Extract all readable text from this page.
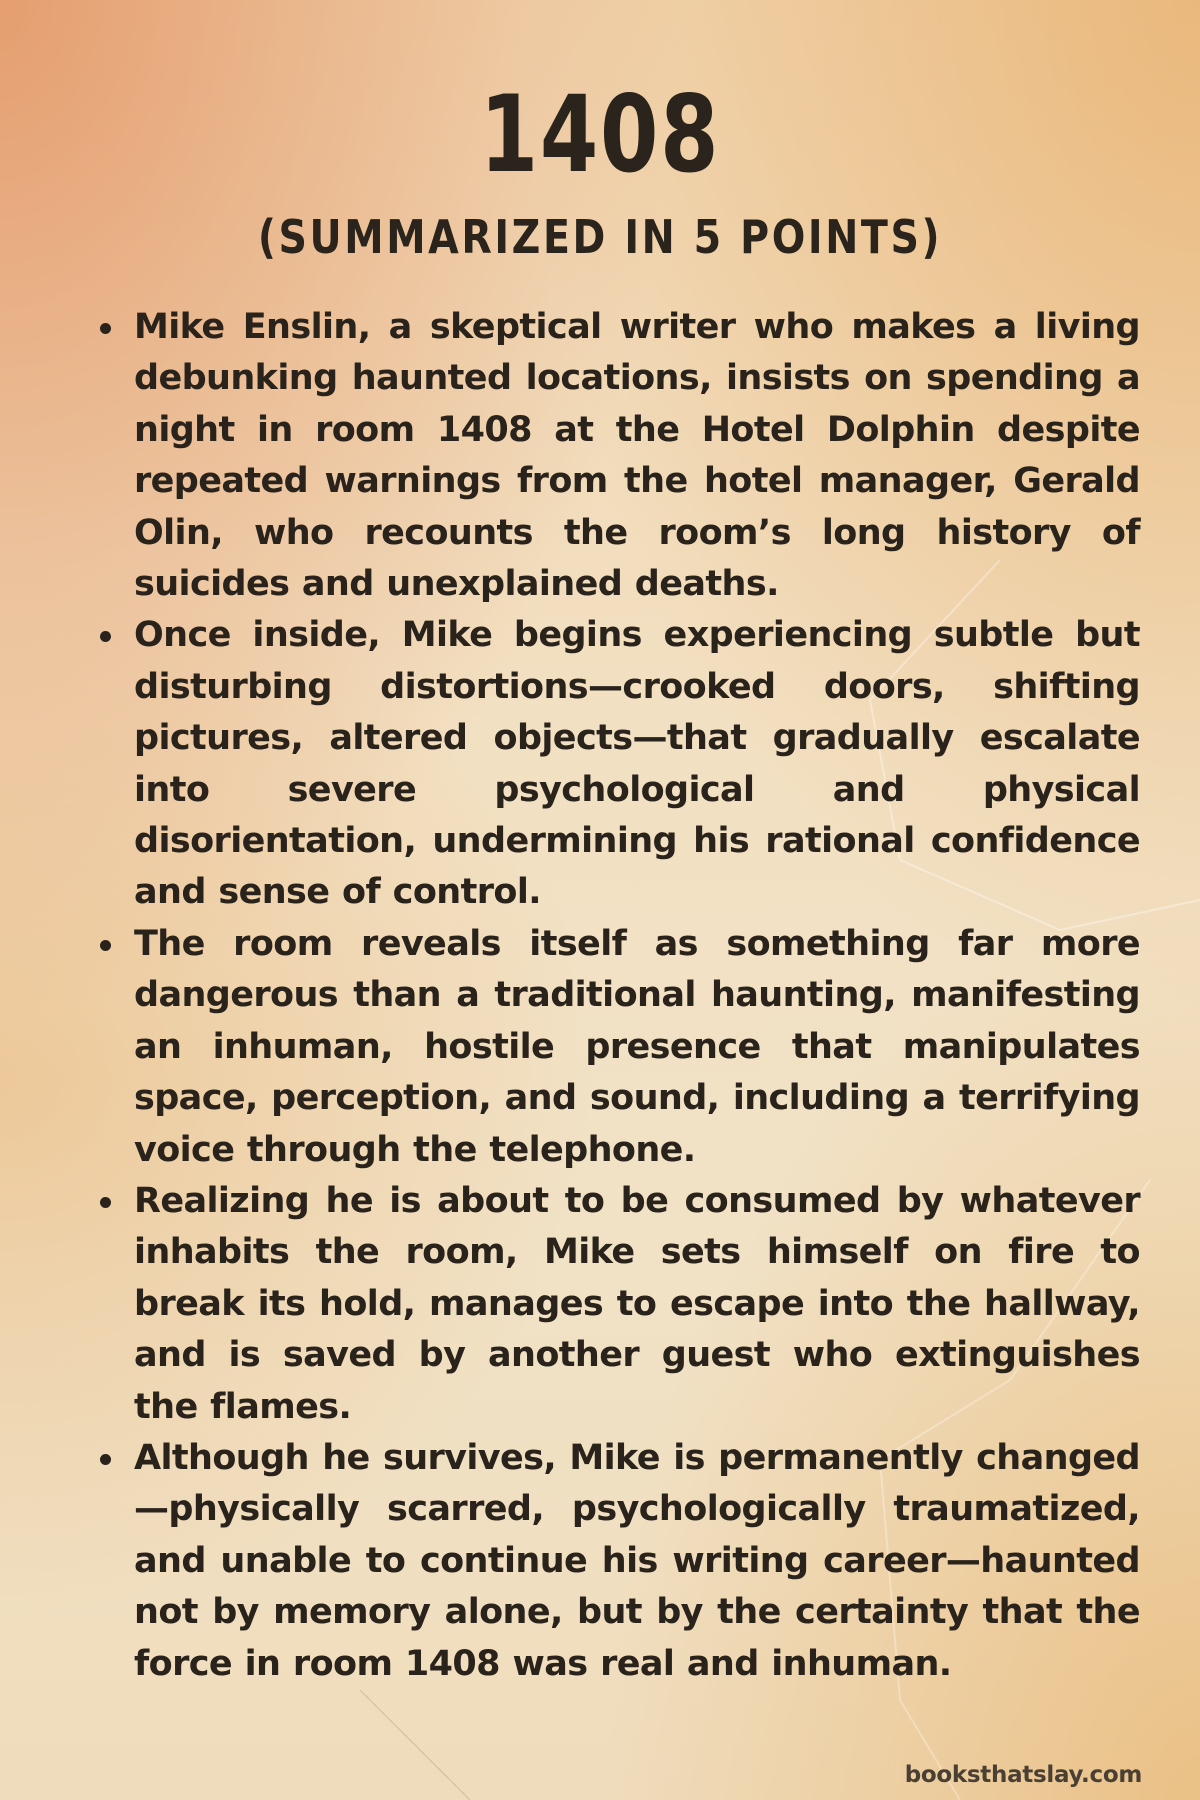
1408
(SUMMARIZED IN 5 POINTS)
Mike Enslin, a skeptical writer who makes a living debunking haunted locations, insists on spending a night in room 1408 at the Hotel Dolphin despite repeated warnings from the hotel manager, Gerald Olin, who recounts the room’s long history of suicides and unexplained deaths.
Once inside, Mike begins experiencing subtle but disturbing distortions—crooked doors, shifting pictures, altered objects—that gradually escalate into severe psychological and physical disorientation, undermining his rational confidence and sense of control.
The room reveals itself as something far more dangerous than a traditional haunting, manifesting an inhuman, hostile presence that manipulates space, perception, and sound, including a terrifying voice through the telephone.
Realizing he is about to be consumed by whatever inhabits the room, Mike sets himself on fire to break its hold, manages to escape into the hallway, and is saved by another guest who extinguishes the flames.
Although he survives, Mike is permanently changed—physically scarred, psychologically traumatized, and unable to continue his writing career—haunted not by memory alone, but by the certainty that the force in room 1408 was real and inhuman.
booksthatslay.com
